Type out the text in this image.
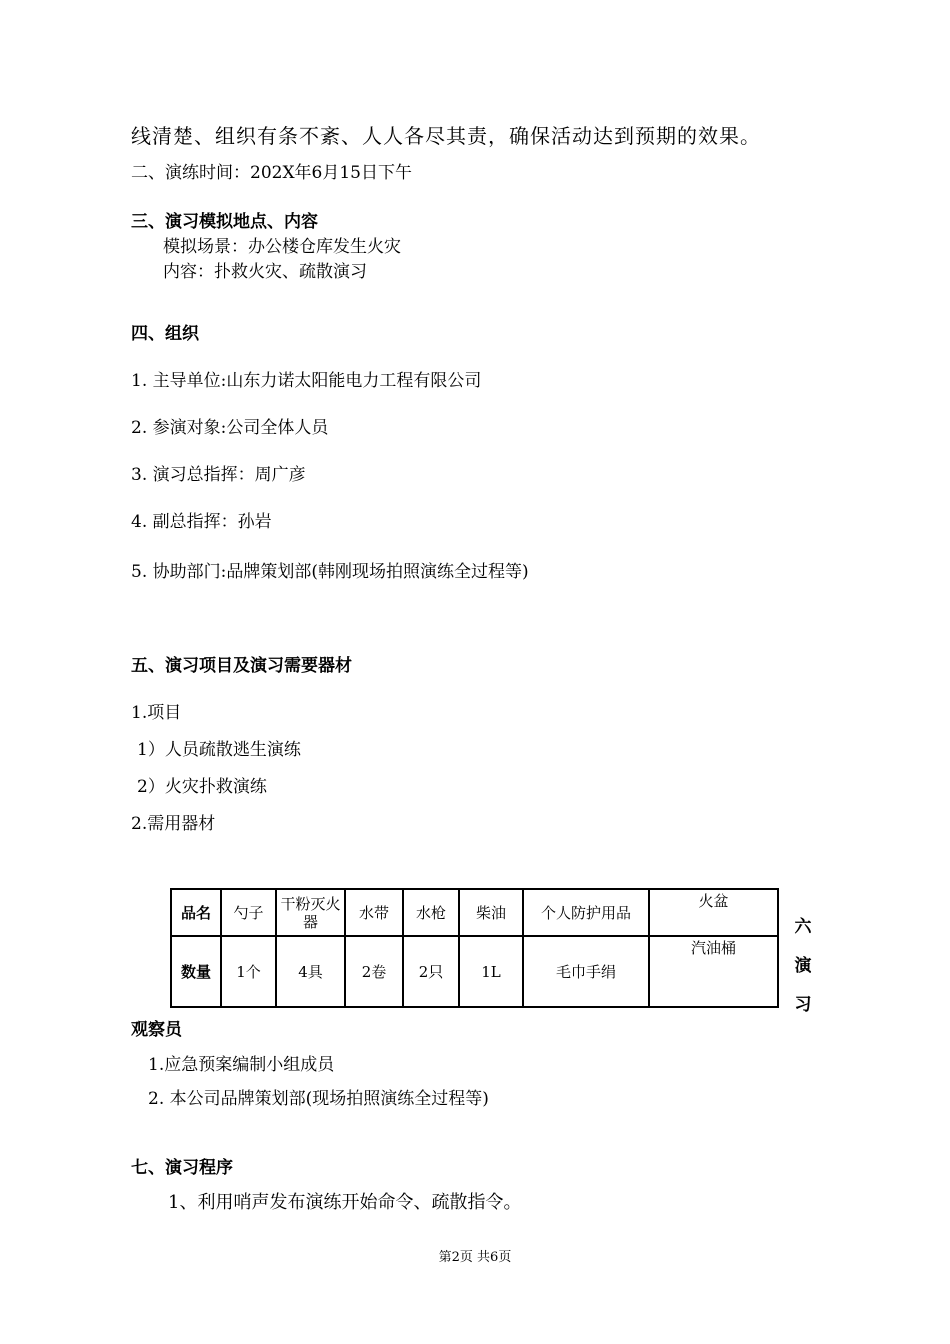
线清楚、组织有条不紊、人人各尽其责，确保活动达到预期的效果。
二、演练时间：202X年6月15日下午
三、演习模拟地点、内容
模拟场景：办公楼仓库发生火灾
内容：扑救火灾、疏散演习
四、组织
1. 主导单位:山东力诺太阳能电力工程有限公司
2. 参演对象:公司全体人员
3. 演习总指挥：周广彦
4. 副总指挥：孙岩
5. 协助部门:品牌策划部(韩刚现场拍照演练全过程等)
五、演习项目及演习需要器材
1.项目
1）人员疏散逃生演练
2）火灾扑救演练
2.需用器材
品名	勺子	干粉灭火器	水带	水枪	柴油	个人防护用品	火盆
数量	1个	4具	2卷	2只	1L	毛巾手绢	汽油桶
六
演
习
观察员
1.应急预案编制小组成员
2. 本公司品牌策划部(现场拍照演练全过程等)
七、演习程序
1、利用哨声发布演练开始命令、疏散指令。
第2页 共6页
